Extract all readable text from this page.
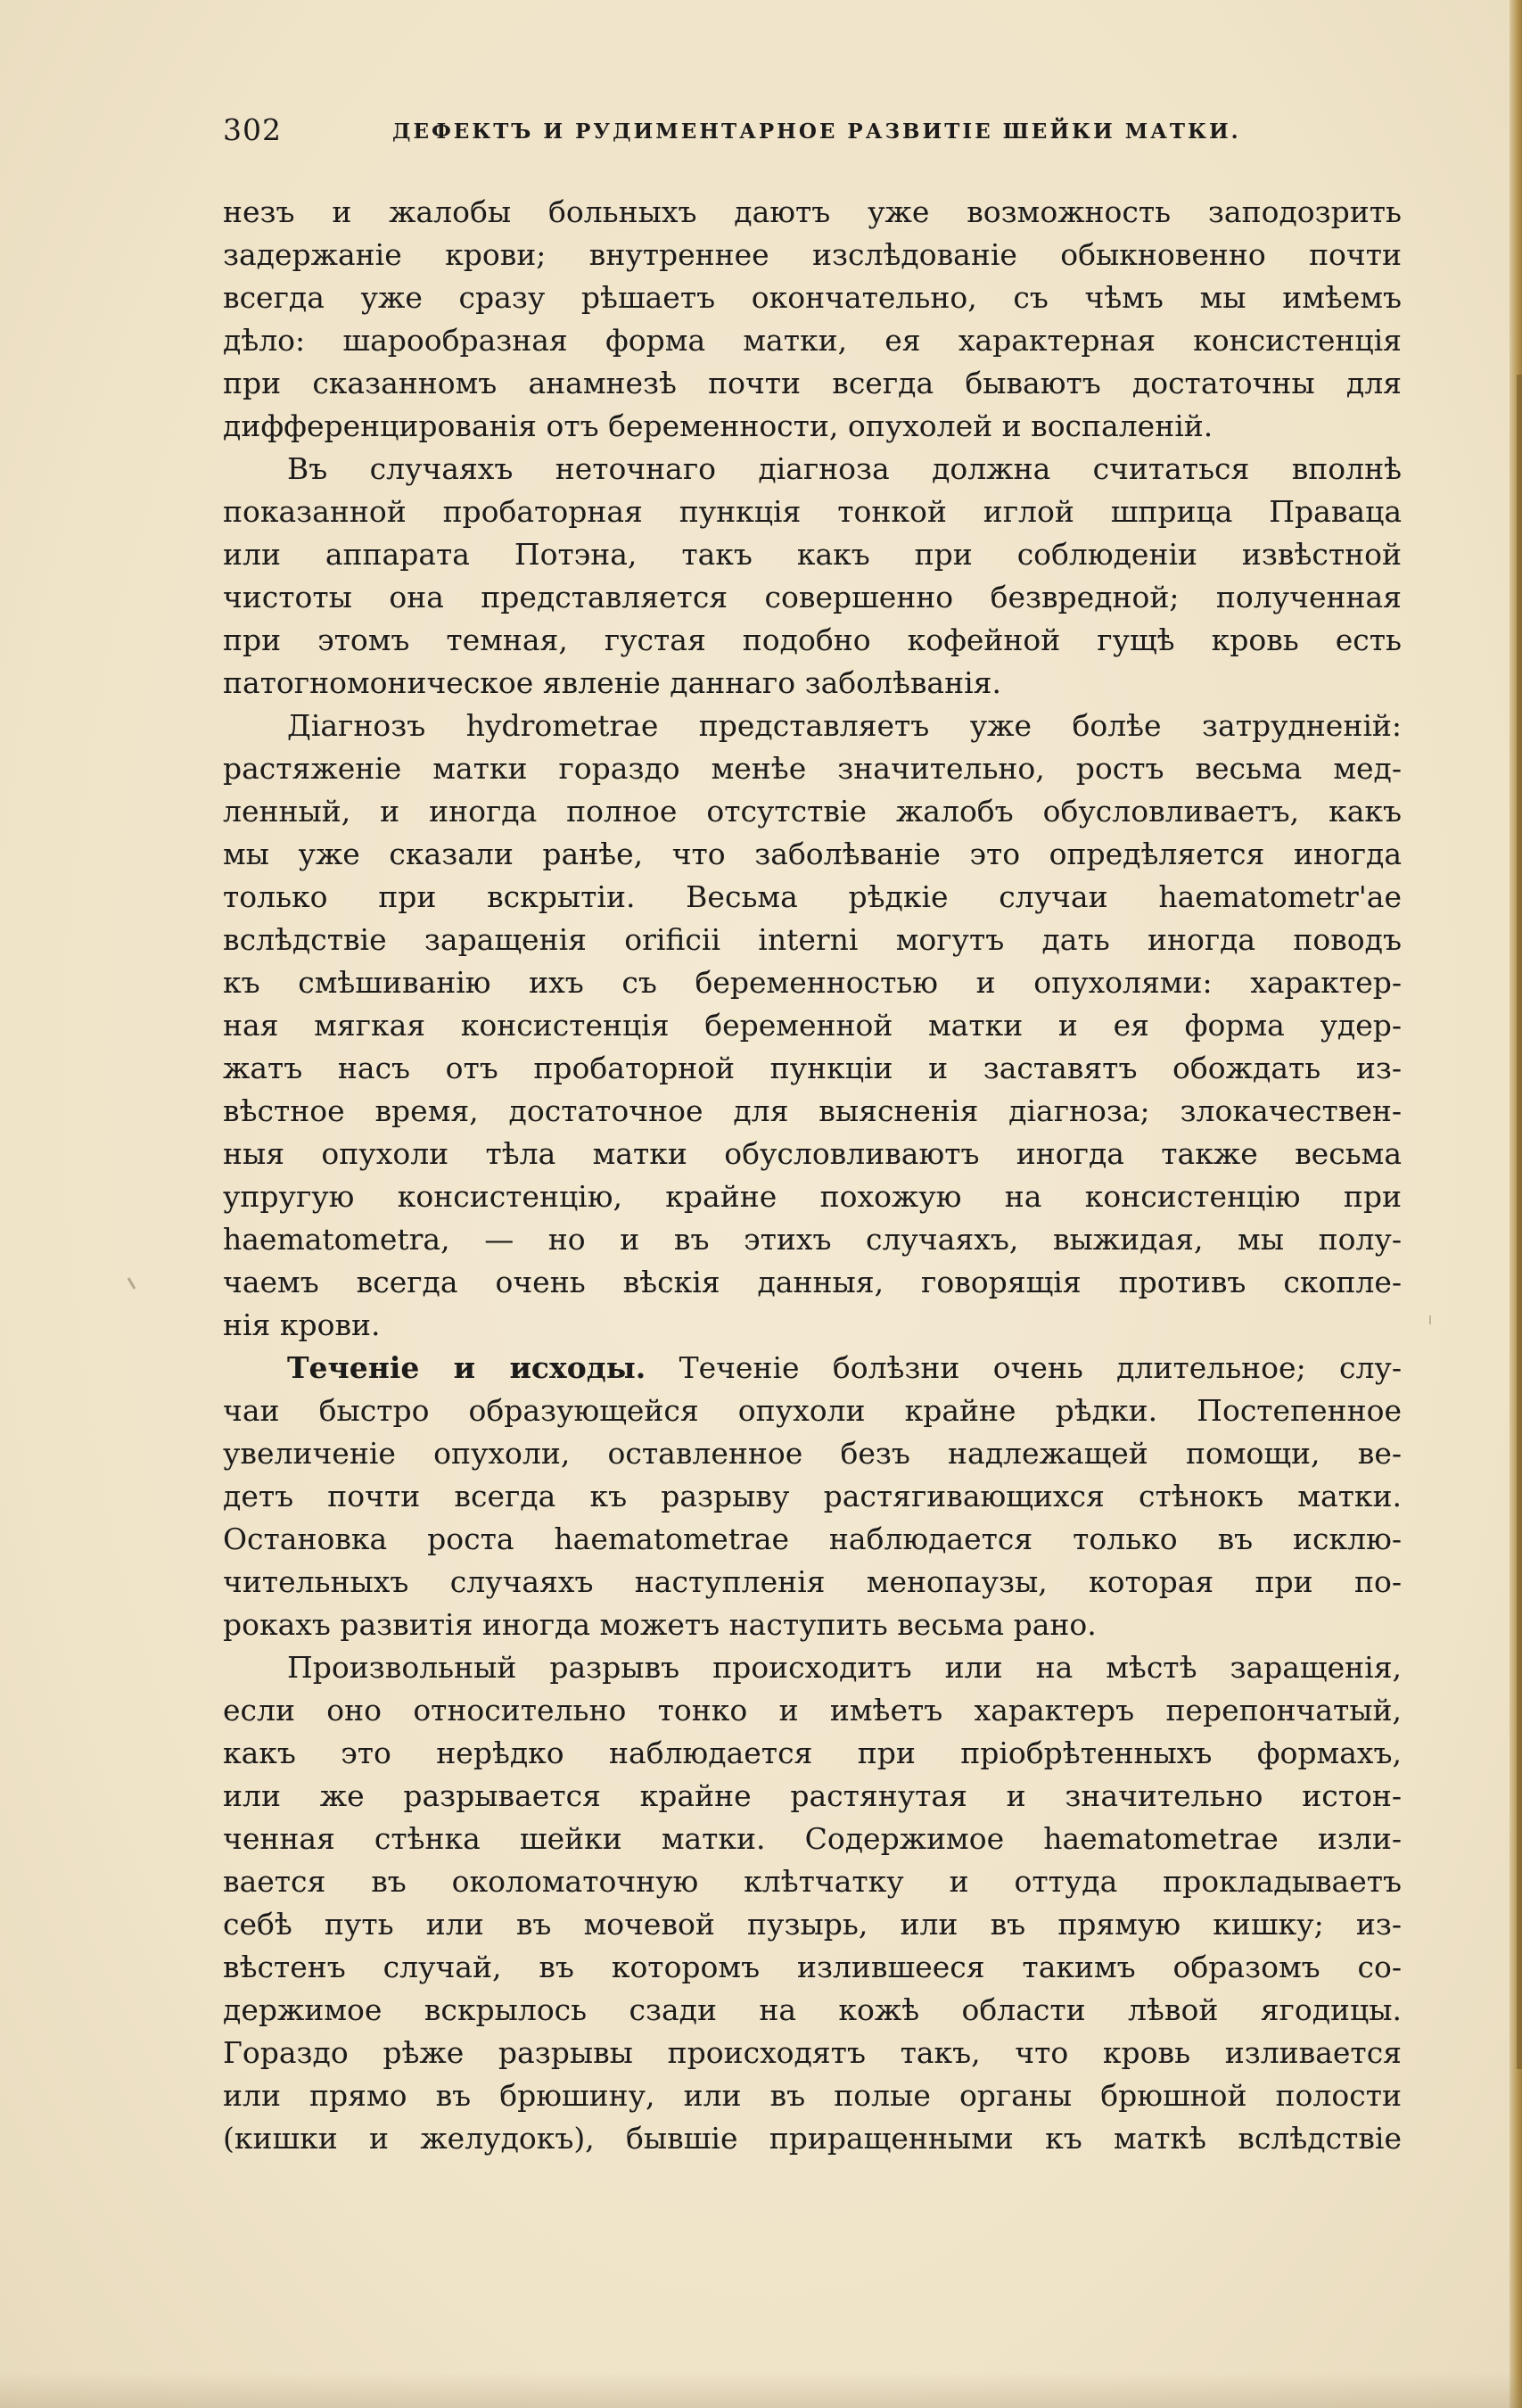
302	ДЕФЕКТЪ И РУДИМЕНТАРНОЕ РАЗВИТІЕ ШЕЙКИ МАТКИ.
незъ и жалобы больныхъ даютъ уже возможность заподозрить
задержаніе крови; внутреннее изслѣдованіе обыкновенно почти
всегда уже сразу рѣшаетъ окончательно, съ чѣмъ мы имѣемъ
дѣло: шарообразная форма матки, ея характерная консистенція
при сказанномъ анамнезѣ почти всегда бываютъ достаточны для
дифференцированія отъ беременности, опухолей и воспаленій.
Въ случаяхъ неточнаго діагноза должна считаться вполнѣ
показанной пробаторная пункція тонкой иглой шприца Праваца
или аппарата Потэна, такъ какъ при соблюденіи извѣстной
чистоты она представляется совершенно безвредной; полученная
при этомъ темная, густая подобно кофейной гущѣ кровь есть
патогномоническое явленіе даннаго заболѣванія.
Діагнозъ hydrometrae представляетъ уже болѣе затрудненій:
растяженіе матки гораздо менѣе значительно, ростъ весьма мед-
ленный, и иногда полное отсутствіе жалобъ обусловливаетъ, какъ
мы уже сказали ранѣе, что заболѣваніе это опредѣляется иногда
только при вскрытіи. Весьма рѣдкіе случаи haematometr'ae
вслѣдствіе заращенія orificii interni могутъ дать иногда поводъ
къ смѣшиванію ихъ съ беременностью и опухолями: характер-
ная мягкая консистенція беременной матки и ея форма удер-
жатъ насъ отъ пробаторной пункціи и заставятъ обождать из-
вѣстное время, достаточное для выясненія діагноза; злокачествен-
ныя опухоли тѣла матки обусловливаютъ иногда также весьма
упругую консистенцію, крайне похожую на консистенцію при
haematometra, — но и въ этихъ случаяхъ, выжидая, мы полу-
чаемъ всегда очень вѣскія данныя, говорящія противъ скопле-
нія крови.
Теченіе и исходы. Теченіе болѣзни очень длительное; слу-
чаи быстро образующейся опухоли крайне рѣдки. Постепенное
увеличеніе опухоли, оставленное безъ надлежащей помощи, ве-
детъ почти всегда къ разрыву растягивающихся стѣнокъ матки.
Остановка роста haematometrae наблюдается только въ исклю-
чительныхъ случаяхъ наступленія менопаузы, которая при по-
рокахъ развитія иногда можетъ наступить весьма рано.
Произвольный разрывъ происходитъ или на мѣстѣ заращенія,
если оно относительно тонко и имѣетъ характеръ перепончатый,
какъ это нерѣдко наблюдается при пріобрѣтенныхъ формахъ,
или же разрывается крайне растянутая и значительно истон-
ченная стѣнка шейки матки. Содержимое haematometrae изли-
вается въ околоматочную клѣтчатку и оттуда прокладываетъ
себѣ путь или въ мочевой пузырь, или въ прямую кишку; из-
вѣстенъ случай, въ которомъ излившееся такимъ образомъ со-
держимое вскрылось сзади на кожѣ области лѣвой ягодицы.
Гораздо рѣже разрывы происходятъ такъ, что кровь изливается
или прямо въ брюшину, или въ полые органы брюшной полости
(кишки и желудокъ), бывшіе приращенными къ маткѣ вслѣдствіе
